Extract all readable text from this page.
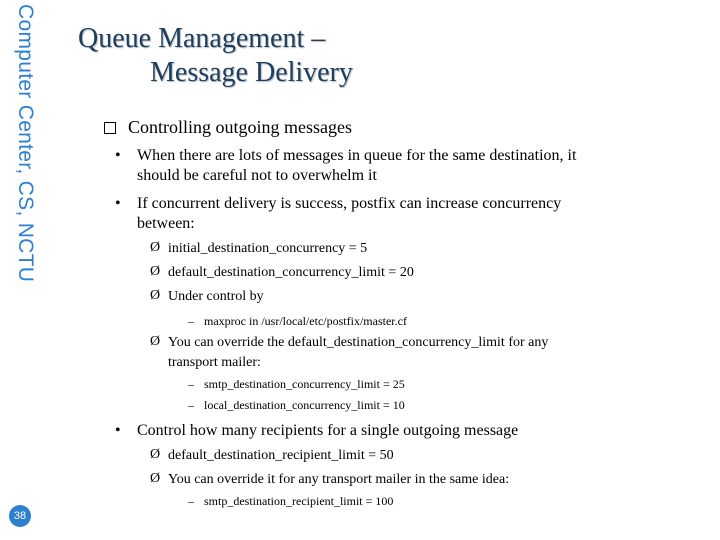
Computer Center, CS, NCTU
38
Queue Management –
Message Delivery
Controlling outgoing messages
• When there are lots of messages in queue for the same destination, it
should be careful not to overwhelm it
• If concurrent delivery is success, postfix can increase concurrency
between:
Ø initial_destination_concurrency = 5
Ø default_destination_concurrency_limit = 20
Ø Under control by
– maxproc in /usr/local/etc/postfix/master.cf
Ø You can override the default_destination_concurrency_limit for any
transport mailer:
– smtp_destination_concurrency_limit = 25
– local_destination_concurrency_limit = 10
• Control how many recipients for a single outgoing message
Ø default_destination_recipient_limit = 50
Ø You can override it for any transport mailer in the same idea:
– smtp_destination_recipient_limit = 100
